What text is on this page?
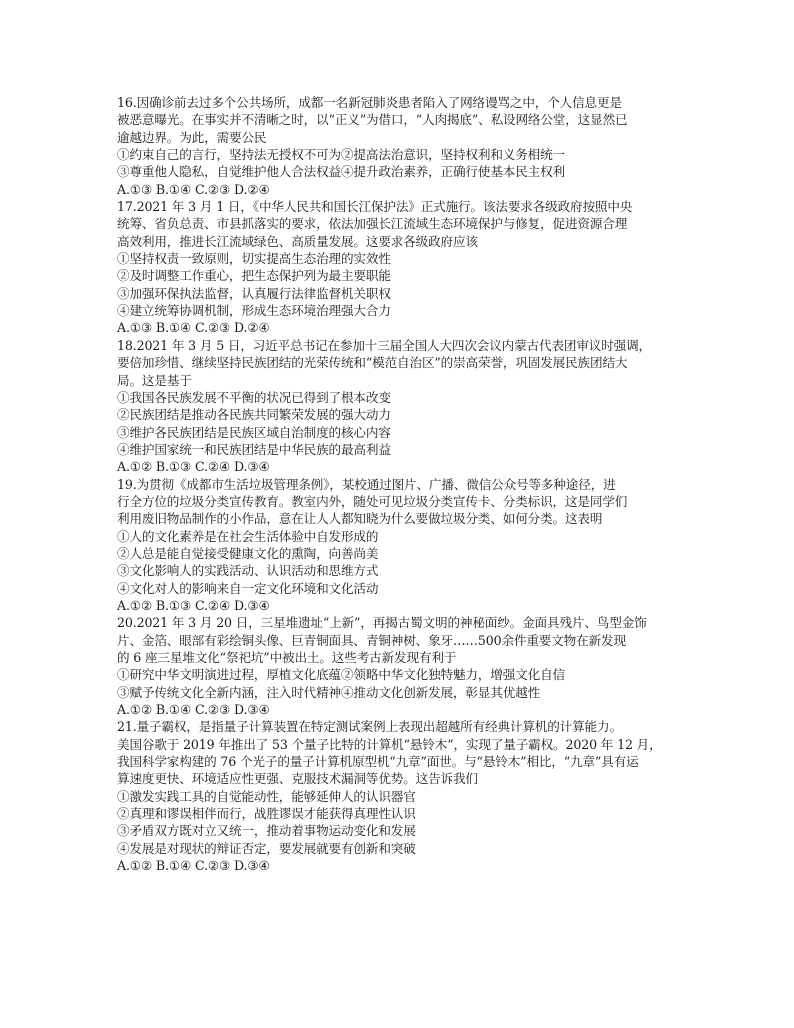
16.因确诊前去过多个公共场所，成都一名新冠肺炎患者陷入了网络谩骂之中，个人信息更是
被恶意曝光。在事实并不清晰之时，以“正义”为借口，“人肉揭底”、私设网络公堂，这显然已
逾越边界。为此，需要公民
①约束自己的言行，坚持法无授权不可为②提高法治意识，坚持权利和义务相统一
③尊重他人隐私，自觉维护他人合法权益④提升政治素养，正确行使基本民主权利
A.①③ B.①④ C.②③ D.②④
17.2021 年 3 月 1 日，《中华人民共和国长江保护法》正式施行。该法要求各级政府按照中央
统筹、省负总责、市县抓落实的要求，依法加强长江流域生态环境保护与修复，促进资源合理
高效利用，推进长江流域绿色、高质量发展。这要求各级政府应该
①坚持权责一致原则，切实提高生态治理的实效性
②及时调整工作重心，把生态保护列为最主要职能
③加强环保执法监督，认真履行法律监督机关职权
④建立统筹协调机制，形成生态环境治理强大合力
A.①③ B.①④ C.②③ D.②④
18.2021 年 3 月 5 日，习近平总书记在参加十三届全国人大四次会议内蒙古代表团审议时强调，
要倍加珍惜、继续坚持民族团结的光荣传统和“模范自治区”的崇高荣誉，巩固发展民族团结大
局。这是基于
①我国各民族发展不平衡的状况已得到了根本改变
②民族团结是推动各民族共同繁荣发展的强大动力
③维护各民族团结是民族区域自治制度的核心内容
④维护国家统一和民族团结是中华民族的最高利益
A.①② B.①③ C.②④ D.③④
19.为贯彻《成都市生活垃圾管理条例》，某校通过图片、广播、微信公众号等多种途径，进
行全方位的垃圾分类宣传教育。教室内外，随处可见垃圾分类宣传卡、分类标识，这是同学们
利用废旧物品制作的小作品，意在让人人都知晓为什么要做垃圾分类、如何分类。这表明
①人的文化素养是在社会生活体验中自发形成的
②人总是能自觉接受健康文化的熏陶，向善尚美
③文化影响人的实践活动、认识活动和思维方式
④文化对人的影响来自一定文化环境和文化活动
A.①② B.①③ C.②④ D.③④
20.2021 年 3 月 20 日，三星堆遗址“上新”，再揭古蜀文明的神秘面纱。金面具残片、鸟型金饰
片、金箔、眼部有彩绘铜头像、巨青铜面具、青铜神树、象牙……500余件重要文物在新发现
的 6 座三星堆文化“祭祀坑”中被出土。这些考古新发现有利于
①研究中华文明演进过程，厚植文化底蕴②领略中华文化独特魅力，增强文化自信
③赋予传统文化全新内涵，注入时代精神④推动文化创新发展，彰显其优越性
A.①② B.①④ C.②③ D.③④
21.量子霸权，是指量子计算装置在特定测试案例上表现出超越所有经典计算机的计算能力。
美国谷歌于 2019 年推出了 53 个量子比特的计算机“悬铃木”，实现了量子霸权。2020 年 12 月，
我国科学家构建的 76 个光子的量子计算机原型机“九章”面世。与“悬铃木”相比，“九章”具有运
算速度更快、环境适应性更强、克服技术漏洞等优势。这告诉我们
①激发实践工具的自觉能动性，能够延伸人的认识器官
②真理和谬误相伴而行，战胜谬误才能获得真理性认识
③矛盾双方既对立又统一，推动着事物运动变化和发展
④发展是对现状的辩证否定，要发展就要有创新和突破
A.①② B.①④ C.②③ D.③④
